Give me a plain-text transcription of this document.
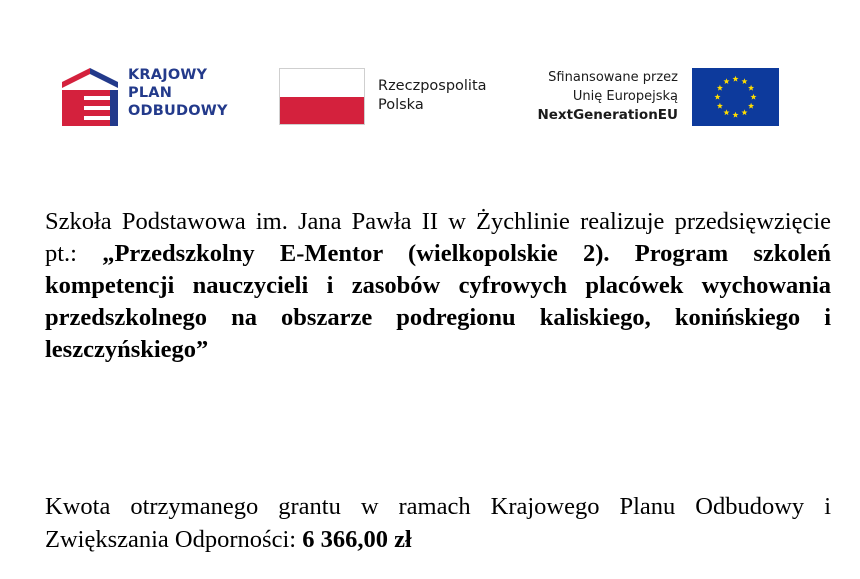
KRAJOWY
PLAN
ODBUDOWY
Rzeczpospolita
Polska
Sfinansowane przez
Unię Europejską
NextGenerationEU
Szkoła Podstawowa im. Jana Pawła II w Żychlinie realizuje przedsięwzięcie pt.: „Przedszkolny E-Mentor (wielkopolskie 2). Program szkoleń kompetencji nauczycieli i zasobów cyfrowych placówek wychowania przedszkolnego na obszarze podregionu kaliskiego, konińskiego i leszczyńskiego”
Kwota otrzymanego grantu w ramach Krajowego Planu Odbudowy i Zwiększania Odporności: 6 366,00 zł
